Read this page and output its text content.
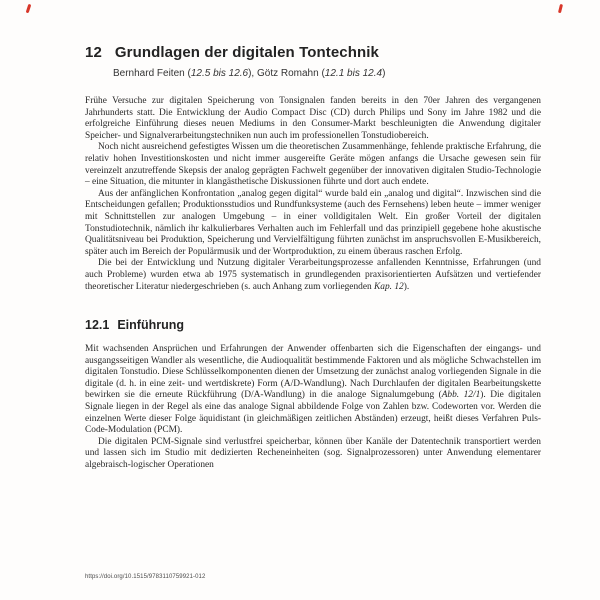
12 Grundlagen der digitalen Tontechnik
Bernhard Feiten (12.5 bis 12.6), Götz Romahn (12.1 bis 12.4)

Frühe Versuche zur digitalen Speicherung von Tonsignalen fanden bereits in den 70er Jahren des vergangenen Jahrhunderts statt. Die Entwicklung der Audio Compact Disc (CD) durch Philips und Sony im Jahre 1982 und die erfolgreiche Einführung dieses neuen Mediums in den Consumer-Markt beschleunigten die Anwendung digitaler Speicher- und Signalverarbeitungstechniken nun auch im professionellen Tonstudiobereich.

Noch nicht ausreichend gefestigtes Wissen um die theoretischen Zusammenhänge, fehlende praktische Erfahrung, die relativ hohen Investitionskosten und nicht immer ausgereifte Geräte mögen anfangs die Ursache gewesen sein für vereinzelt anzutreffende Skepsis der analog geprägten Fachwelt gegenüber der innovativen digitalen Studio-Technologie – eine Situation, die mitunter in klangästhetische Diskussionen führte und dort auch endete.

Aus der anfänglichen Konfrontation „analog gegen digital“ wurde bald ein „analog und digital“. Inzwischen sind die Entscheidungen gefallen; Produktionsstudios und Rundfunksysteme (auch des Fernsehens) leben heute – immer weniger mit Schnittstellen zur analogen Umgebung – in einer volldigitalen Welt. Ein großer Vorteil der digitalen Tonstudiotechnik, nämlich ihr kalkulierbares Verhalten auch im Fehlerfall und das prinzipiell gegebene hohe akustische Qualitätsniveau bei Produktion, Speicherung und Vervielfältigung führten zunächst im anspruchsvollen E-Musikbereich, später auch im Bereich der Populärmusik und der Wortproduktion, zu einem überaus raschen Erfolg.

Die bei der Entwicklung und Nutzung digitaler Verarbeitungsprozesse anfallenden Kenntnisse, Erfahrungen (und auch Probleme) wurden etwa ab 1975 systematisch in grundlegenden praxisorientierten Aufsätzen und vertiefender theoretischer Literatur niedergeschrieben (s. auch Anhang zum vorliegenden Kap. 12).

12.1 Einführung

Mit wachsenden Ansprüchen und Erfahrungen der Anwender offenbarten sich die Eigenschaften der eingangs- und ausgangsseitigen Wandler als wesentliche, die Audioqualität bestimmende Faktoren und als mögliche Schwachstellen im digitalen Tonstudio. Diese Schlüsselkomponenten dienen der Umsetzung der zunächst analog vorliegenden Signale in die digitale (d. h. in eine zeit- und wertdiskrete) Form (A/D-Wandlung). Nach Durchlaufen der digitalen Bearbeitungskette bewirken sie die erneute Rückführung (D/A-Wandlung) in die analoge Signalumgebung (Abb. 12/1). Die digitalen Signale liegen in der Regel als eine das analoge Signal abbildende Folge von Zahlen bzw. Codeworten vor. Werden die einzelnen Werte dieser Folge äquidistant (in gleichmäßigen zeitlichen Abständen) erzeugt, heißt dieses Verfahren Puls-Code-Modulation (PCM).

Die digitalen PCM-Signale sind verlustfrei speicherbar, können über Kanäle der Datentechnik transportiert werden und lassen sich im Studio mit dedizierten Recheneinheiten (sog. Signalprozessoren) unter Anwendung elementarer algebraisch-logischer Operationen

https://doi.org/10.1515/9783110759921-012
